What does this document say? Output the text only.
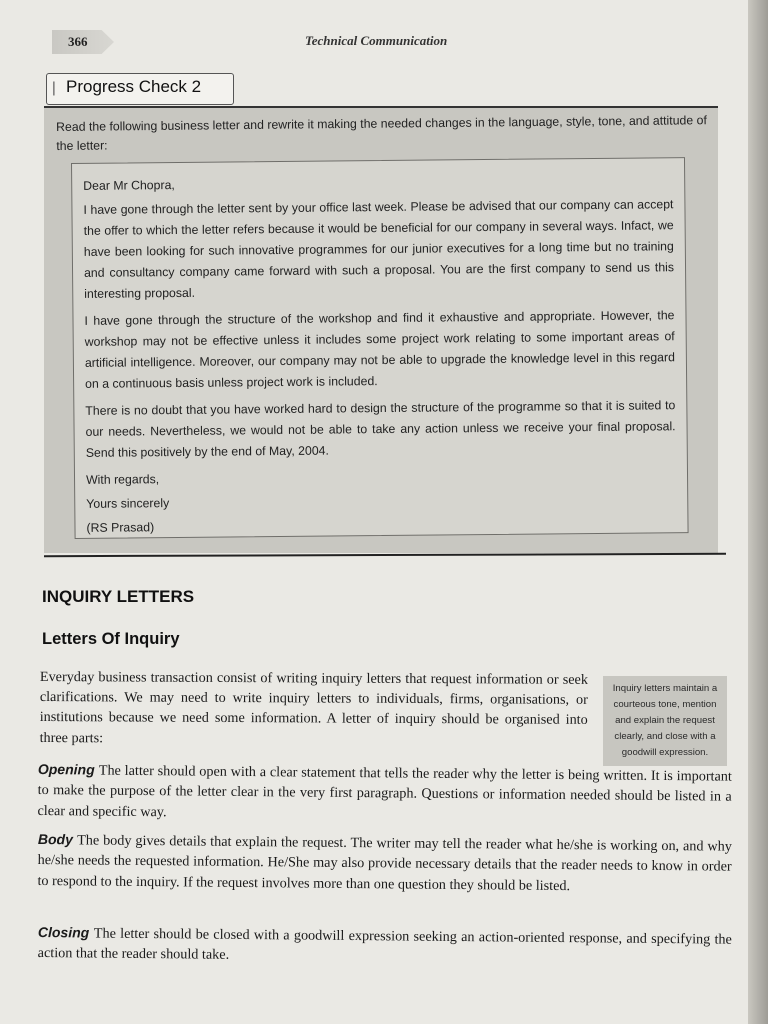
366	Technical Communication
❘ Progress Check 2
Read the following business letter and rewrite it making the needed changes in the language, style, tone, and attitude of the letter:

Dear Mr Chopra,

I have gone through the letter sent by your office last week. Please be advised that our company can accept the offer to which the letter refers because it would be beneficial for our company in several ways. Infact, we have been looking for such innovative programmes for our junior executives for a long time but no training and consultancy company came forward with such a proposal. You are the first company to send us this interesting proposal.

I have gone through the structure of the workshop and find it exhaustive and appropriate. However, the workshop may not be effective unless it includes some project work relating to some important areas of artificial intelligence. Moreover, our company may not be able to upgrade the knowledge level in this regard on a continuous basis unless project work is included.

There is no doubt that you have worked hard to design the structure of the programme so that it is suited to our needs. Nevertheless, we would not be able to take any action unless we receive your final proposal. Send this positively by the end of May, 2004.

With regards,

Yours sincerely

(RS Prasad)

INQUIRY LETTERS
Letters Of Inquiry
Everyday business transaction consist of writing inquiry letters that request information or seek clarifications. We may need to write inquiry letters to individuals, firms, organisations, or institutions because we need some information. A letter of inquiry should be organised into three parts:
Inquiry letters maintain a courteous tone, mention and explain the request clearly, and close with a goodwill expression.
Opening The latter should open with a clear statement that tells the reader why the letter is being written. It is important to make the purpose of the letter clear in the very first paragraph. Questions or information needed should be listed in a clear and specific way.
Body The body gives details that explain the request. The writer may tell the reader what he/she is working on, and why he/she needs the requested information. He/She may also provide necessary details that the reader needs to know in order to respond to the inquiry. If the request involves more than one question they should be listed.
Closing The letter should be closed with a goodwill expression seeking an action-oriented response, and specifying the action that the reader should take.
